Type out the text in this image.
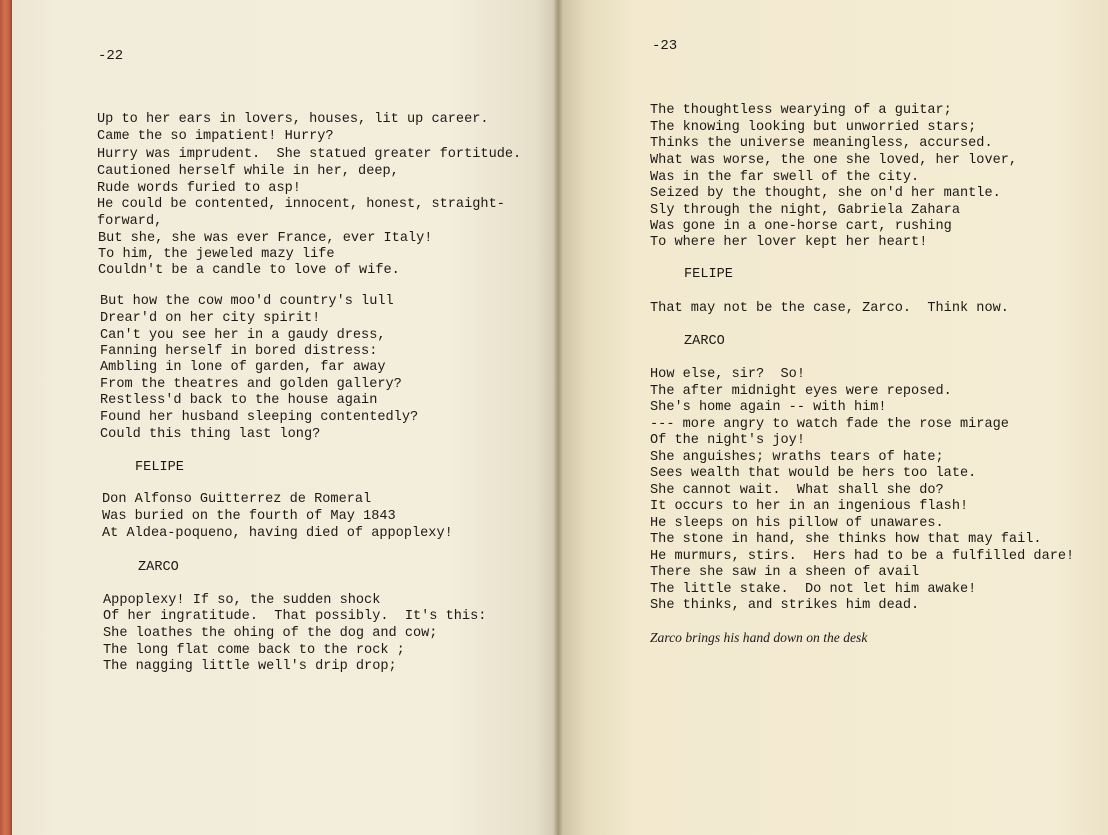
-22
Up to her ears in lovers, houses, lit up career.
Came the so impatient! Hurry?
Hurry was imprudent.  She statued greater fortitude.
Cautioned herself while in her, deep,
Rude words furied to asp!
He could be contented, innocent, honest, straight-
forward,
But she, she was ever France, ever Italy!
To him, the jeweled mazy life
Couldn't be a candle to love of wife.
But how the cow moo'd country's lull
Drear'd on her city spirit!
Can't you see her in a gaudy dress,
Fanning herself in bored distress:
Ambling in lone of garden, far away
From the theatres and golden gallery?
Restless'd back to the house again
Found her husband sleeping contentedly?
Could this thing last long?
FELIPE
Don Alfonso Guitterrez de Romeral
Was buried on the fourth of May 1843
At Aldea-poqueno, having died of appoplexy!
ZARCO
Appoplexy! If so, the sudden shock
Of her ingratitude.  That possibly.  It's this:
She loathes the ohing of the dog and cow;
The long flat come back to the rock ;
The nagging little well's drip drop;
-23
The thoughtless wearying of a guitar;
The knowing looking but unworried stars;
Thinks the universe meaningless, accursed.
What was worse, the one she loved, her lover,
Was in the far swell of the city.
Seized by the thought, she on'd her mantle.
Sly through the night, Gabriela Zahara
Was gone in a one-horse cart, rushing
To where her lover kept her heart!
FELIPE
That may not be the case, Zarco.  Think now.
ZARCO
How else, sir?  So!
The after midnight eyes were reposed.
She's home again -- with him!
--- more angry to watch fade the rose mirage
Of the night's joy!
She anguishes; wraths tears of hate;
Sees wealth that would be hers too late.
She cannot wait.  What shall she do?
It occurs to her in an ingenious flash!
He sleeps on his pillow of unawares.
The stone in hand, she thinks how that may fail.
He murmurs, stirs.  Hers had to be a fulfilled dare!
There she saw in a sheen of avail
The little stake.  Do not let him awake!
She thinks, and strikes him dead.
Zarco brings his hand down on the desk
